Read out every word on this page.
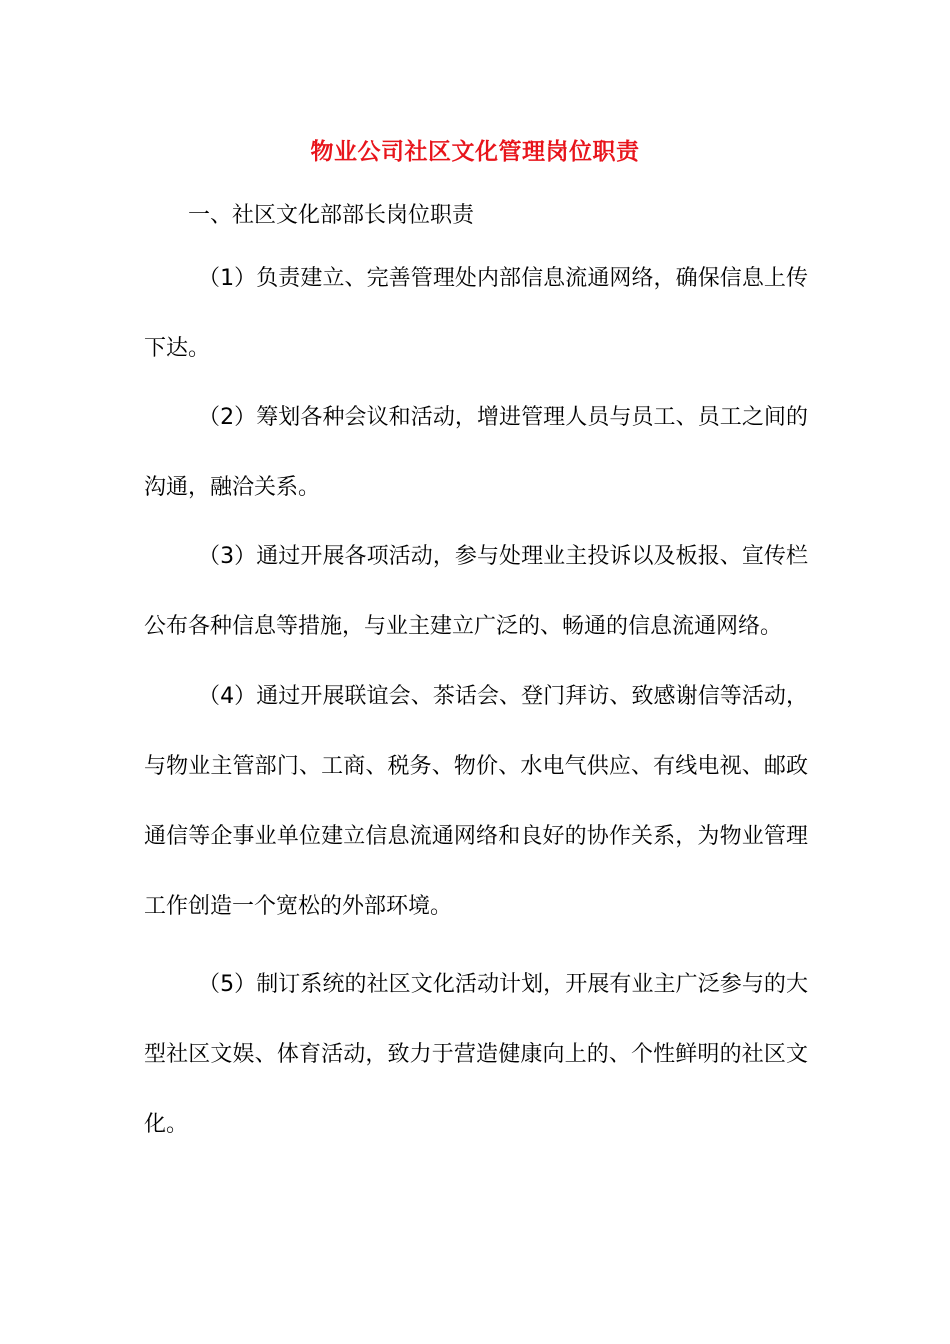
物业公司社区文化管理岗位职责
一、社区文化部部长岗位职责

（1）负责建立、完善管理处内部信息流通网络，确保信息上传下达。

（2）筹划各种会议和活动，增进管理人员与员工、员工之间的沟通，融洽关系。

（3）通过开展各项活动，参与处理业主投诉以及板报、宣传栏公布各种信息等措施，与业主建立广泛的、畅通的信息流通网络。

（4）通过开展联谊会、茶话会、登门拜访、致感谢信等活动，与物业主管部门、工商、税务、物价、水电气供应、有线电视、邮政通信等企事业单位建立信息流通网络和良好的协作关系，为物业管理工作创造一个宽松的外部环境。

（5）制订系统的社区文化活动计划，开展有业主广泛参与的大型社区文娱、体育活动，致力于营造健康向上的、个性鲜明的社区文化。
